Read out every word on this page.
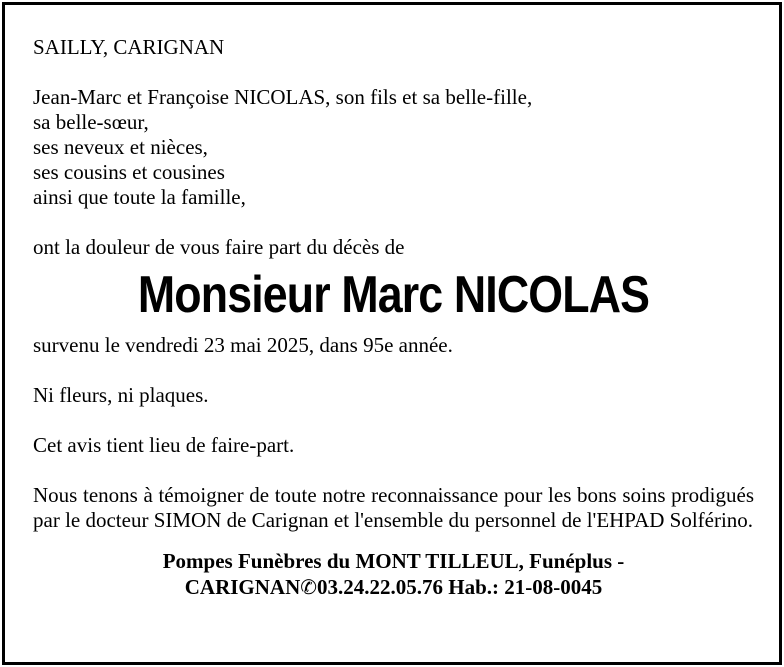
SAILLY, CARIGNAN

Jean-Marc et Françoise NICOLAS, son fils et sa belle-fille,
sa belle-sœur,
ses neveux et nièces,
ses cousins et cousines
ainsi que toute la famille,

ont la douleur de vous faire part du décès de

Monsieur Marc NICOLAS

survenu le vendredi 23 mai 2025, dans 95e année.

Ni fleurs, ni plaques.

Cet avis tient lieu de faire-part.

Nous tenons à témoigner de toute notre reconnaissance pour les bons soins prodigués par le docteur SIMON de Carignan et l'ensemble du personnel de l'EHPAD Solférino.

Pompes Funèbres du MONT TILLEUL, Funéplus -
CARIGNAN✆03.24.22.05.76 Hab.: 21-08-0045
